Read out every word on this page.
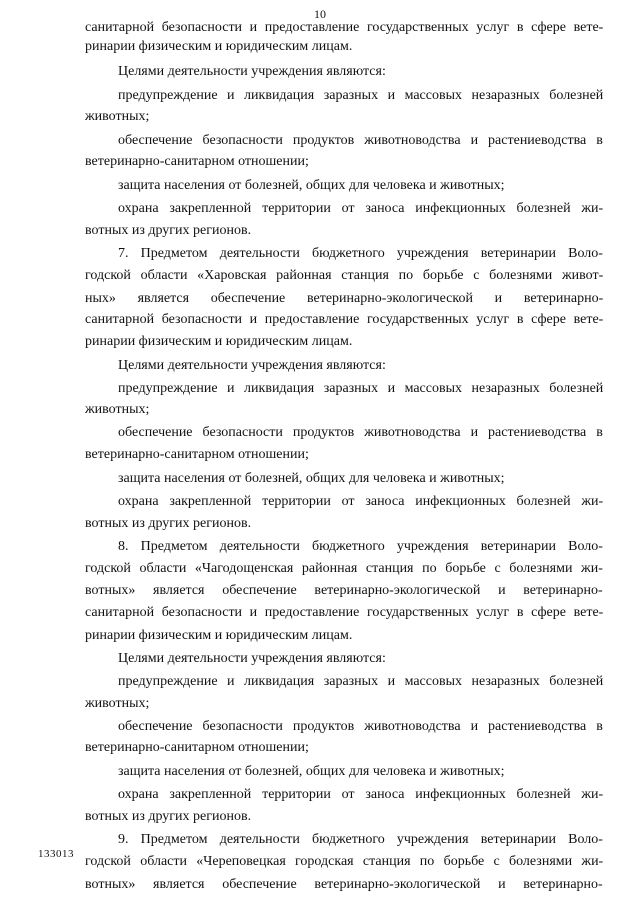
10
санитарной безопасности и предоставление государственных услуг в сфере вете-
ринарии физическим и юридическим лицам.
Целями деятельности учреждения являются:
предупреждение и ликвидация заразных и массовых незаразных болезней
животных;
обеспечение безопасности продуктов животноводства и растениеводства в
ветеринарно-санитарном отношении;
защита населения от болезней, общих для человека и животных;
охрана закрепленной территории от заноса инфекционных болезней жи-
вотных из других регионов.
7. Предметом деятельности бюджетного учреждения ветеринарии Воло-
годской области «Харовская районная станция по борьбе с болезнями живот-
ных» является обеспечение ветеринарно-экологической и ветеринарно-
санитарной безопасности и предоставление государственных услуг в сфере вете-
ринарии физическим и юридическим лицам.
Целями деятельности учреждения являются:
предупреждение и ликвидация заразных и массовых незаразных болезней
животных;
обеспечение безопасности продуктов животноводства и растениеводства в
ветеринарно-санитарном отношении;
защита населения от болезней, общих для человека и животных;
охрана закрепленной территории от заноса инфекционных болезней жи-
вотных из других регионов.
8. Предметом деятельности бюджетного учреждения ветеринарии Воло-
годской области «Чагодощенская районная станция по борьбе с болезнями жи-
вотных» является обеспечение ветеринарно-экологической и ветеринарно-
санитарной безопасности и предоставление государственных услуг в сфере вете-
ринарии физическим и юридическим лицам.
Целями деятельности учреждения являются:
предупреждение и ликвидация заразных и массовых незаразных болезней
животных;
обеспечение безопасности продуктов животноводства и растениеводства в
ветеринарно-санитарном отношении;
защита населения от болезней, общих для человека и животных;
охрана закрепленной территории от заноса инфекционных болезней жи-
вотных из других регионов.
9. Предметом деятельности бюджетного учреждения ветеринарии Воло-
годской области «Череповецкая городская станция по борьбе с болезнями жи-
вотных» является обеспечение ветеринарно-экологической и ветеринарно-
133013
